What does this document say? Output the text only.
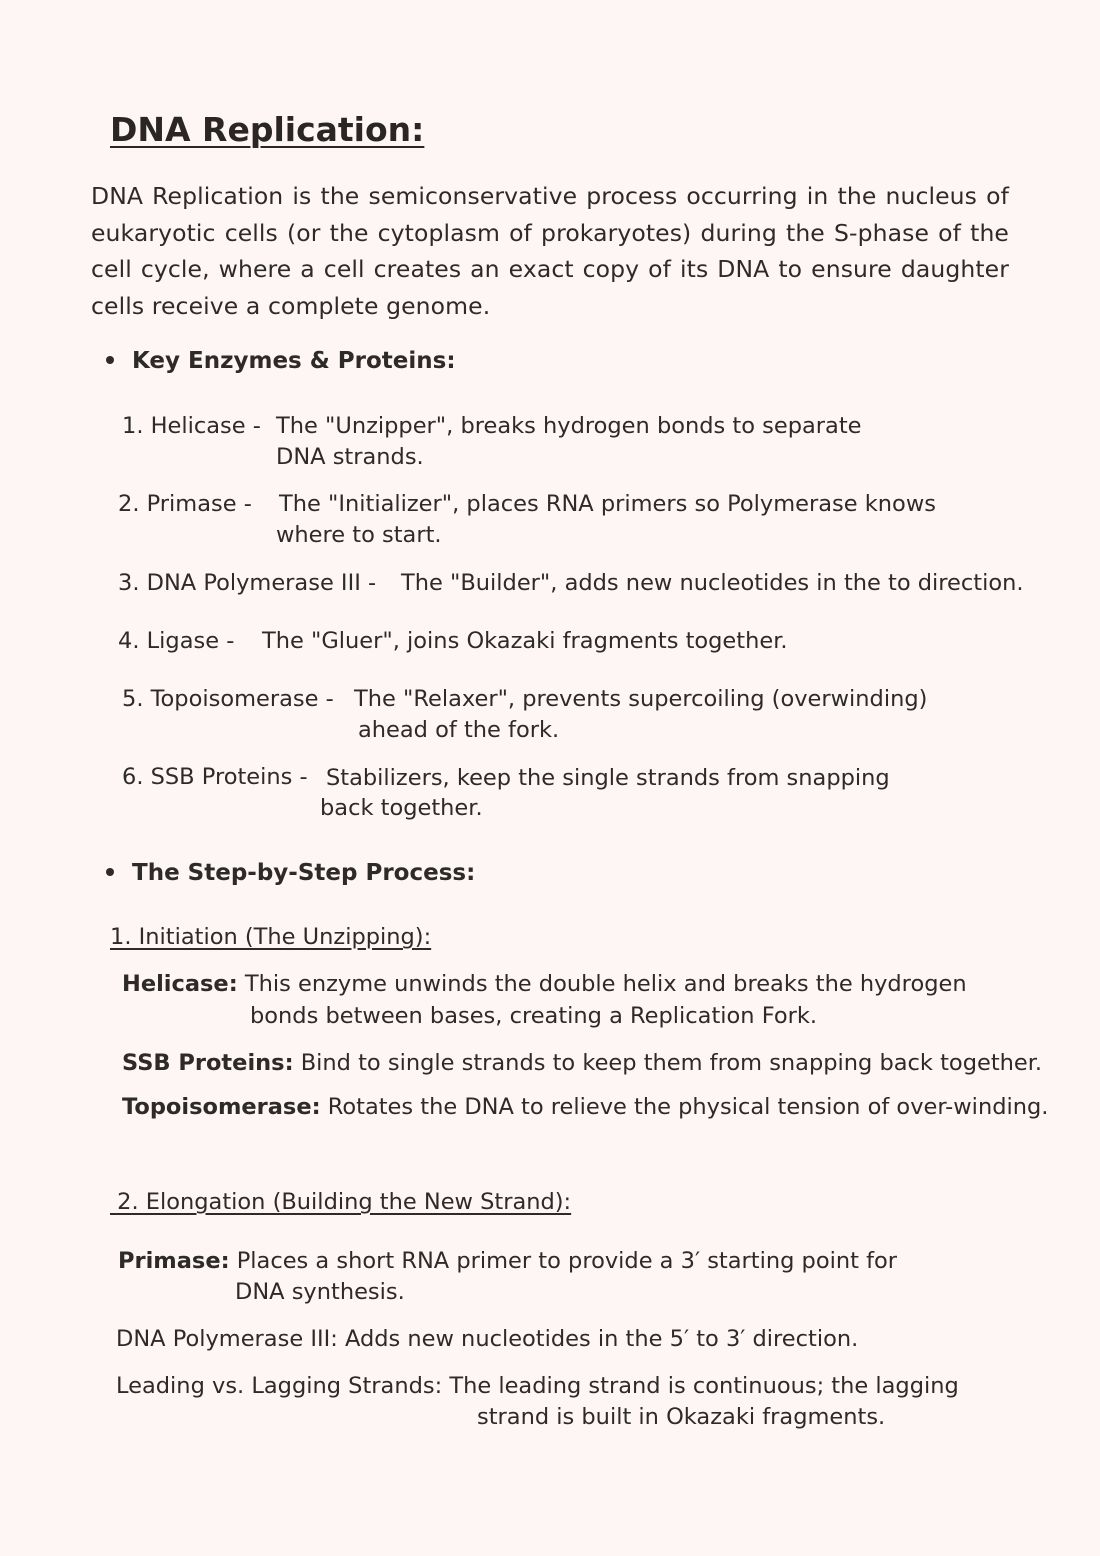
DNA Replication:
DNA Replication is the semiconservative process occurring in the nucleus of eukaryotic cells (or the cytoplasm of prokaryotes) during the S-phase of the cell cycle, where a cell creates an exact copy of its DNA to ensure daughter cells receive a complete genome.
Key Enzymes & Proteins:
1. Helicase - The "Unzipper", breaks hydrogen bonds to separate
DNA strands.
2. Primase - The "Initializer", places RNA primers so Polymerase knows
where to start.
3. DNA Polymerase III - The "Builder", adds new nucleotides in the to direction.
4. Ligase - The "Gluer", joins Okazaki fragments together.
5. Topoisomerase - The "Relaxer", prevents supercoiling (overwinding)
ahead of the fork.
6. SSB Proteins - Stabilizers, keep the single strands from snapping
back together.
The Step-by-Step Process:
1. Initiation (The Unzipping):
Helicase: This enzyme unwinds the double helix and breaks the hydrogen
bonds between bases, creating a Replication Fork.
SSB Proteins: Bind to single strands to keep them from snapping back together.
Topoisomerase: Rotates the DNA to relieve the physical tension of over-winding.
2. Elongation (Building the New Strand):
Primase: Places a short RNA primer to provide a 3′ starting point for
DNA synthesis.
DNA Polymerase III: Adds new nucleotides in the 5′ to 3′ direction.
Leading vs. Lagging Strands: The leading strand is continuous; the lagging
strand is built in Okazaki fragments.
